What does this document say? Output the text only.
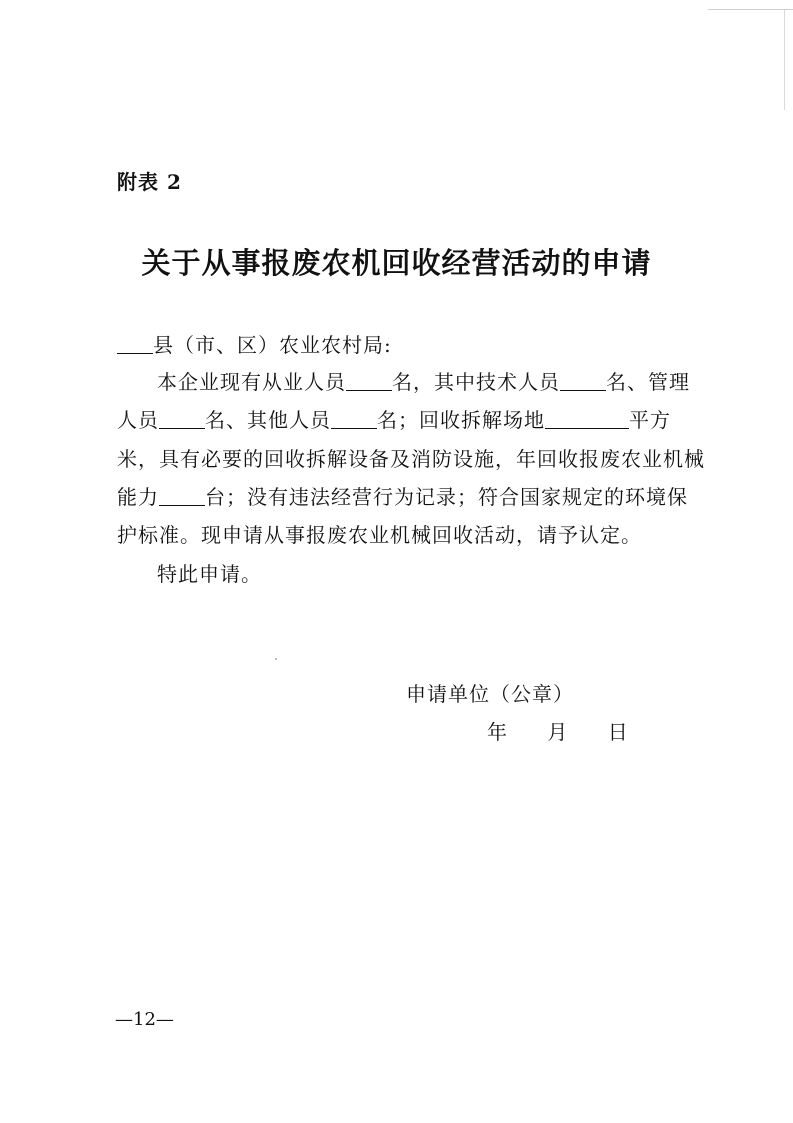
附表 2
关于从事报废农机回收经营活动的申请
县（市、区）农业农村局:
本企业现有从业人员 名，其中技术人员 名、管理
人员 名、其他人员 名；回收拆解场地	平方
米，具有必要的回收拆解设备及消防设施，年回收报废农业机械
能力 台；没有违法经营行为记录；符合国家规定的环境保
护标准。现申请从事报废农业机械回收活动，请予认定。
特此申请。
申请单位（公章）
年 月 日
—12—
